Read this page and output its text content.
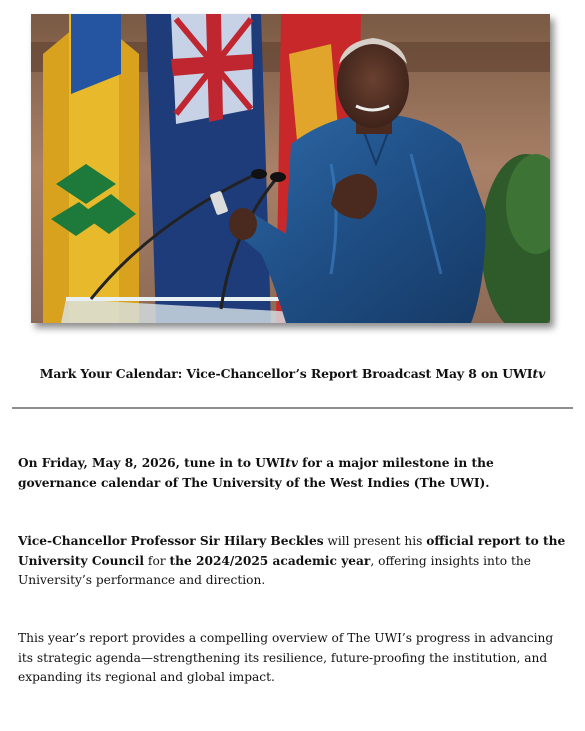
Mark Your Calendar: Vice-Chancellor’s Report Broadcast May 8 on UWItv

On Friday, May 8, 2026, tune in to UWItv for a major milestone in the governance calendar of The University of the West Indies (The UWI).

Vice-Chancellor Professor Sir Hilary Beckles will present his official report to the University Council for the 2024/2025 academic year, offering insights into the University’s performance and direction.

This year’s report provides a compelling overview of The UWI’s progress in advancing its strategic agenda—strengthening its resilience, future-proofing the institution, and expanding its regional and global impact.
